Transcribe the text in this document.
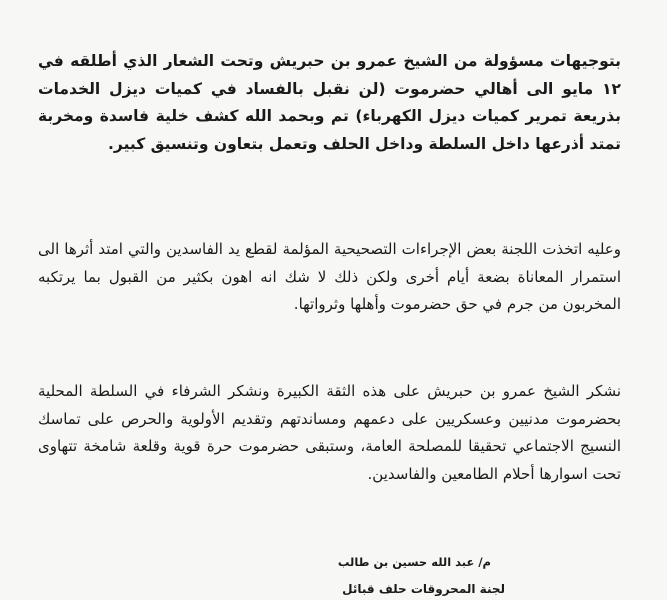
بتوجيهات مسؤولة من الشيخ عمرو بن حبريش وتحت الشعار الذي أطلقه في ١٢ مايو الى أهالي حضرموت (لن نقبل بالفساد في كميات ديزل الخدمات بذريعة تمرير كميات ديزل الكهرباء) تم وبحمد الله كشف خلية فاسدة ومخربة تمتد أذرعها داخل السلطة وداخل الحلف وتعمل بتعاون وتنسيق كبير.

وعليه اتخذت اللجنة بعض الإجراءات التصحيحية المؤلمة لقطع يد الفاسدين والتي امتد أثرها الى استمرار المعاناة بضعة أيام أخرى ولكن ذلك لا شك انه اهون بكثير من القبول بما يرتكبه المخربون من جرم في حق حضرموت وأهلها وثرواتها.

نشكر الشيخ عمرو بن حبريش على هذه الثقة الكبيرة ونشكر الشرفاء في السلطة المحلية بحضرموت مدنيين وعسكريين على دعمهم ومساندتهم وتقديم الأولوية والحرص على تماسك النسيج الاجتماعي تحقيقا للمصلحة العامة، وستبقى حضرموت حرة قوية وقلعة شامخة تتهاوى تحت اسوارها أحلام الطامعين والفاسدين.

م/ عبد الله حسين بن طالب

لجنة المحروقات حلف قبائل
